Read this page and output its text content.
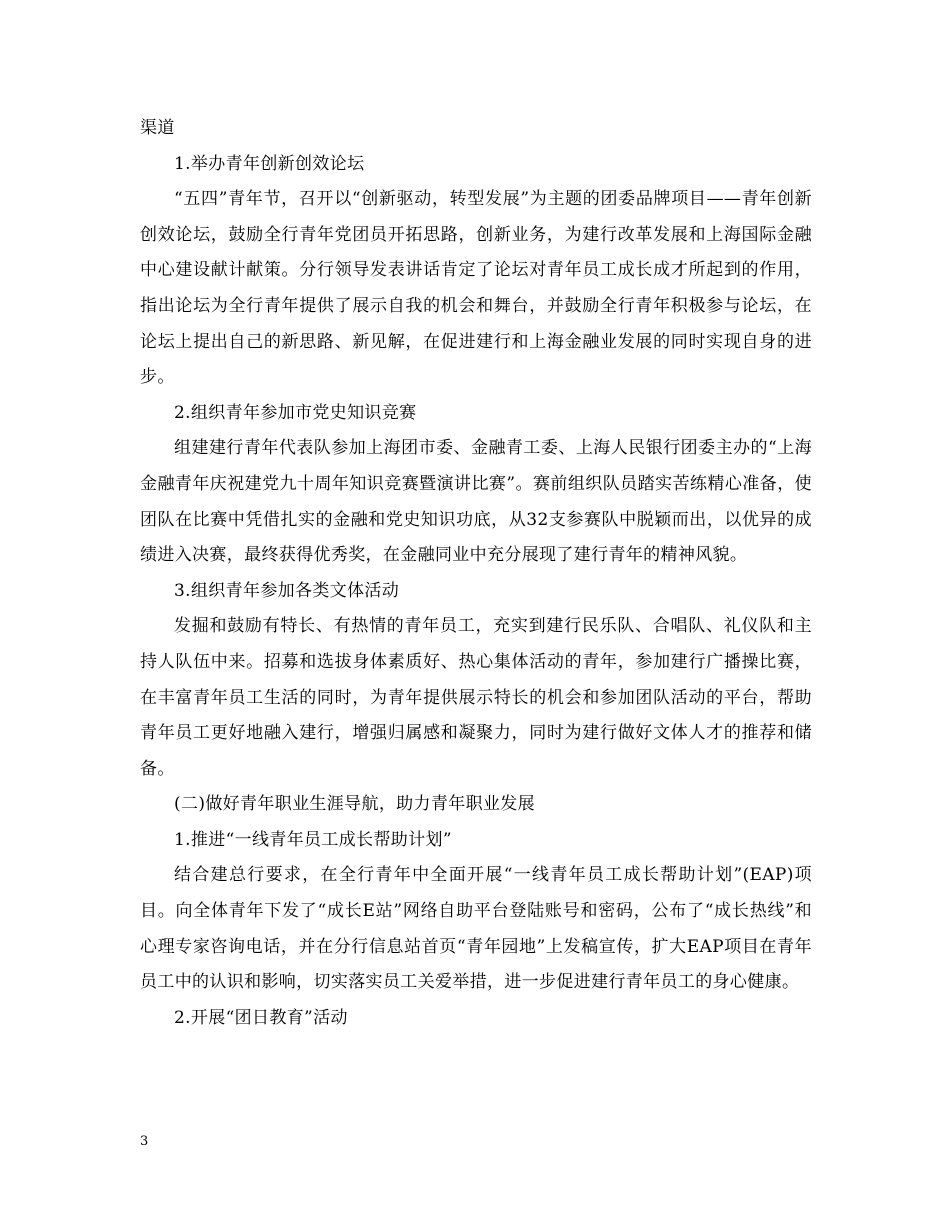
渠道

1.举办青年创新创效论坛

“五四”青年节，召开以“创新驱动，转型发展”为主题的团委品牌项目——青年创新创效论坛，鼓励全行青年党团员开拓思路，创新业务，为建行改革发展和上海国际金融中心建设献计献策。分行领导发表讲话肯定了论坛对青年员工成长成才所起到的作用，指出论坛为全行青年提供了展示自我的机会和舞台，并鼓励全行青年积极参与论坛，在论坛上提出自己的新思路、新见解，在促进建行和上海金融业发展的同时实现自身的进步。

2.组织青年参加市党史知识竞赛

组建建行青年代表队参加上海团市委、金融青工委、上海人民银行团委主办的“上海金融青年庆祝建党九十周年知识竞赛暨演讲比赛”。赛前组织队员踏实苦练精心准备，使团队在比赛中凭借扎实的金融和党史知识功底，从32支参赛队中脱颖而出，以优异的成绩进入决赛，最终获得优秀奖，在金融同业中充分展现了建行青年的精神风貌。

3.组织青年参加各类文体活动

发掘和鼓励有特长、有热情的青年员工，充实到建行民乐队、合唱队、礼仪队和主持人队伍中来。招募和选拔身体素质好、热心集体活动的青年，参加建行广播操比赛，在丰富青年员工生活的同时，为青年提供展示特长的机会和参加团队活动的平台，帮助青年员工更好地融入建行，增强归属感和凝聚力，同时为建行做好文体人才的推荐和储备。

(二)做好青年职业生涯导航，助力青年职业发展

1.推进“一线青年员工成长帮助计划”

结合建总行要求，在全行青年中全面开展“一线青年员工成长帮助计划”(EAP)项目。向全体青年下发了“成长E站”网络自助平台登陆账号和密码，公布了“成长热线”和心理专家咨询电话，并在分行信息站首页“青年园地”上发稿宣传，扩大EAP项目在青年员工中的认识和影响，切实落实员工关爱举措，进一步促进建行青年员工的身心健康。

2.开展“团日教育”活动

3
